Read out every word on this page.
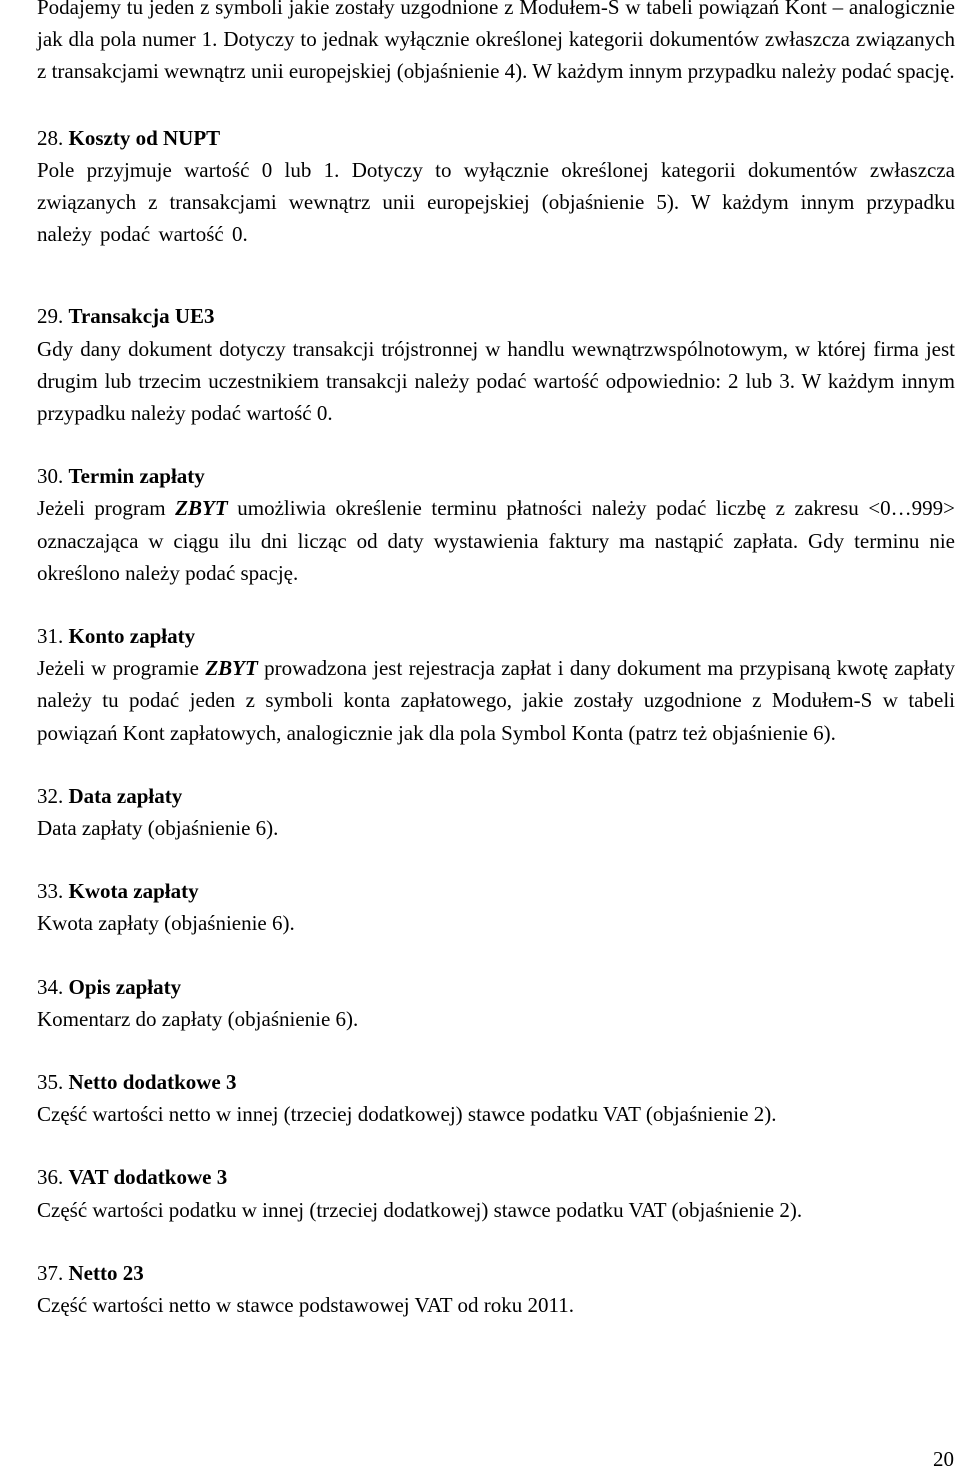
Podajemy tu jeden z symboli jakie zostały uzgodnione z Modułem-S w tabeli powiązań Kont – analogicznie jak dla pola numer 1. Dotyczy to jednak wyłącznie określonej kategorii dokumentów zwłaszcza związanych z transakcjami wewnątrz unii europejskiej (objaśnienie 4). W każdym innym przypadku należy podać spację.

28. Koszty od NUPT

Pole przyjmuje wartość 0 lub 1. Dotyczy to wyłącznie określonej kategorii dokumentów zwłaszcza związanych z transakcjami wewnątrz unii europejskiej (objaśnienie 5). W każdym innym przypadku należy podać wartość 0.

29. Transakcja UE3

Gdy dany dokument dotyczy transakcji trójstronnej w handlu wewnątrzwspólnotowym, w której firma jest drugim lub trzecim uczestnikiem transakcji należy podać wartość odpowiednio: 2 lub 3. W każdym innym przypadku należy podać wartość 0.

30. Termin zapłaty

Jeżeli program ZBYT umożliwia określenie terminu płatności należy podać liczbę z zakresu <0…999> oznaczająca w ciągu ilu dni licząc od daty wystawienia faktury ma nastąpić zapłata. Gdy terminu nie określono należy podać spację.

31. Konto zapłaty

Jeżeli w programie ZBYT prowadzona jest rejestracja zapłat i dany dokument ma przypisaną kwotę zapłaty należy tu podać jeden z symboli konta zapłatowego, jakie zostały uzgodnione z Modułem-S w tabeli powiązań Kont zapłatowych, analogicznie jak dla pola Symbol Konta (patrz też objaśnienie 6).

32. Data zapłaty

Data zapłaty (objaśnienie 6).

33. Kwota zapłaty

Kwota zapłaty (objaśnienie 6).

34. Opis zapłaty

Komentarz do zapłaty (objaśnienie 6).

35. Netto dodatkowe 3

Część wartości netto w innej (trzeciej dodatkowej) stawce podatku VAT (objaśnienie 2).

36. VAT dodatkowe 3

Część wartości podatku w innej (trzeciej dodatkowej) stawce podatku VAT (objaśnienie 2).

37. Netto 23

Część wartości netto w stawce podstawowej VAT od roku 2011.

20
